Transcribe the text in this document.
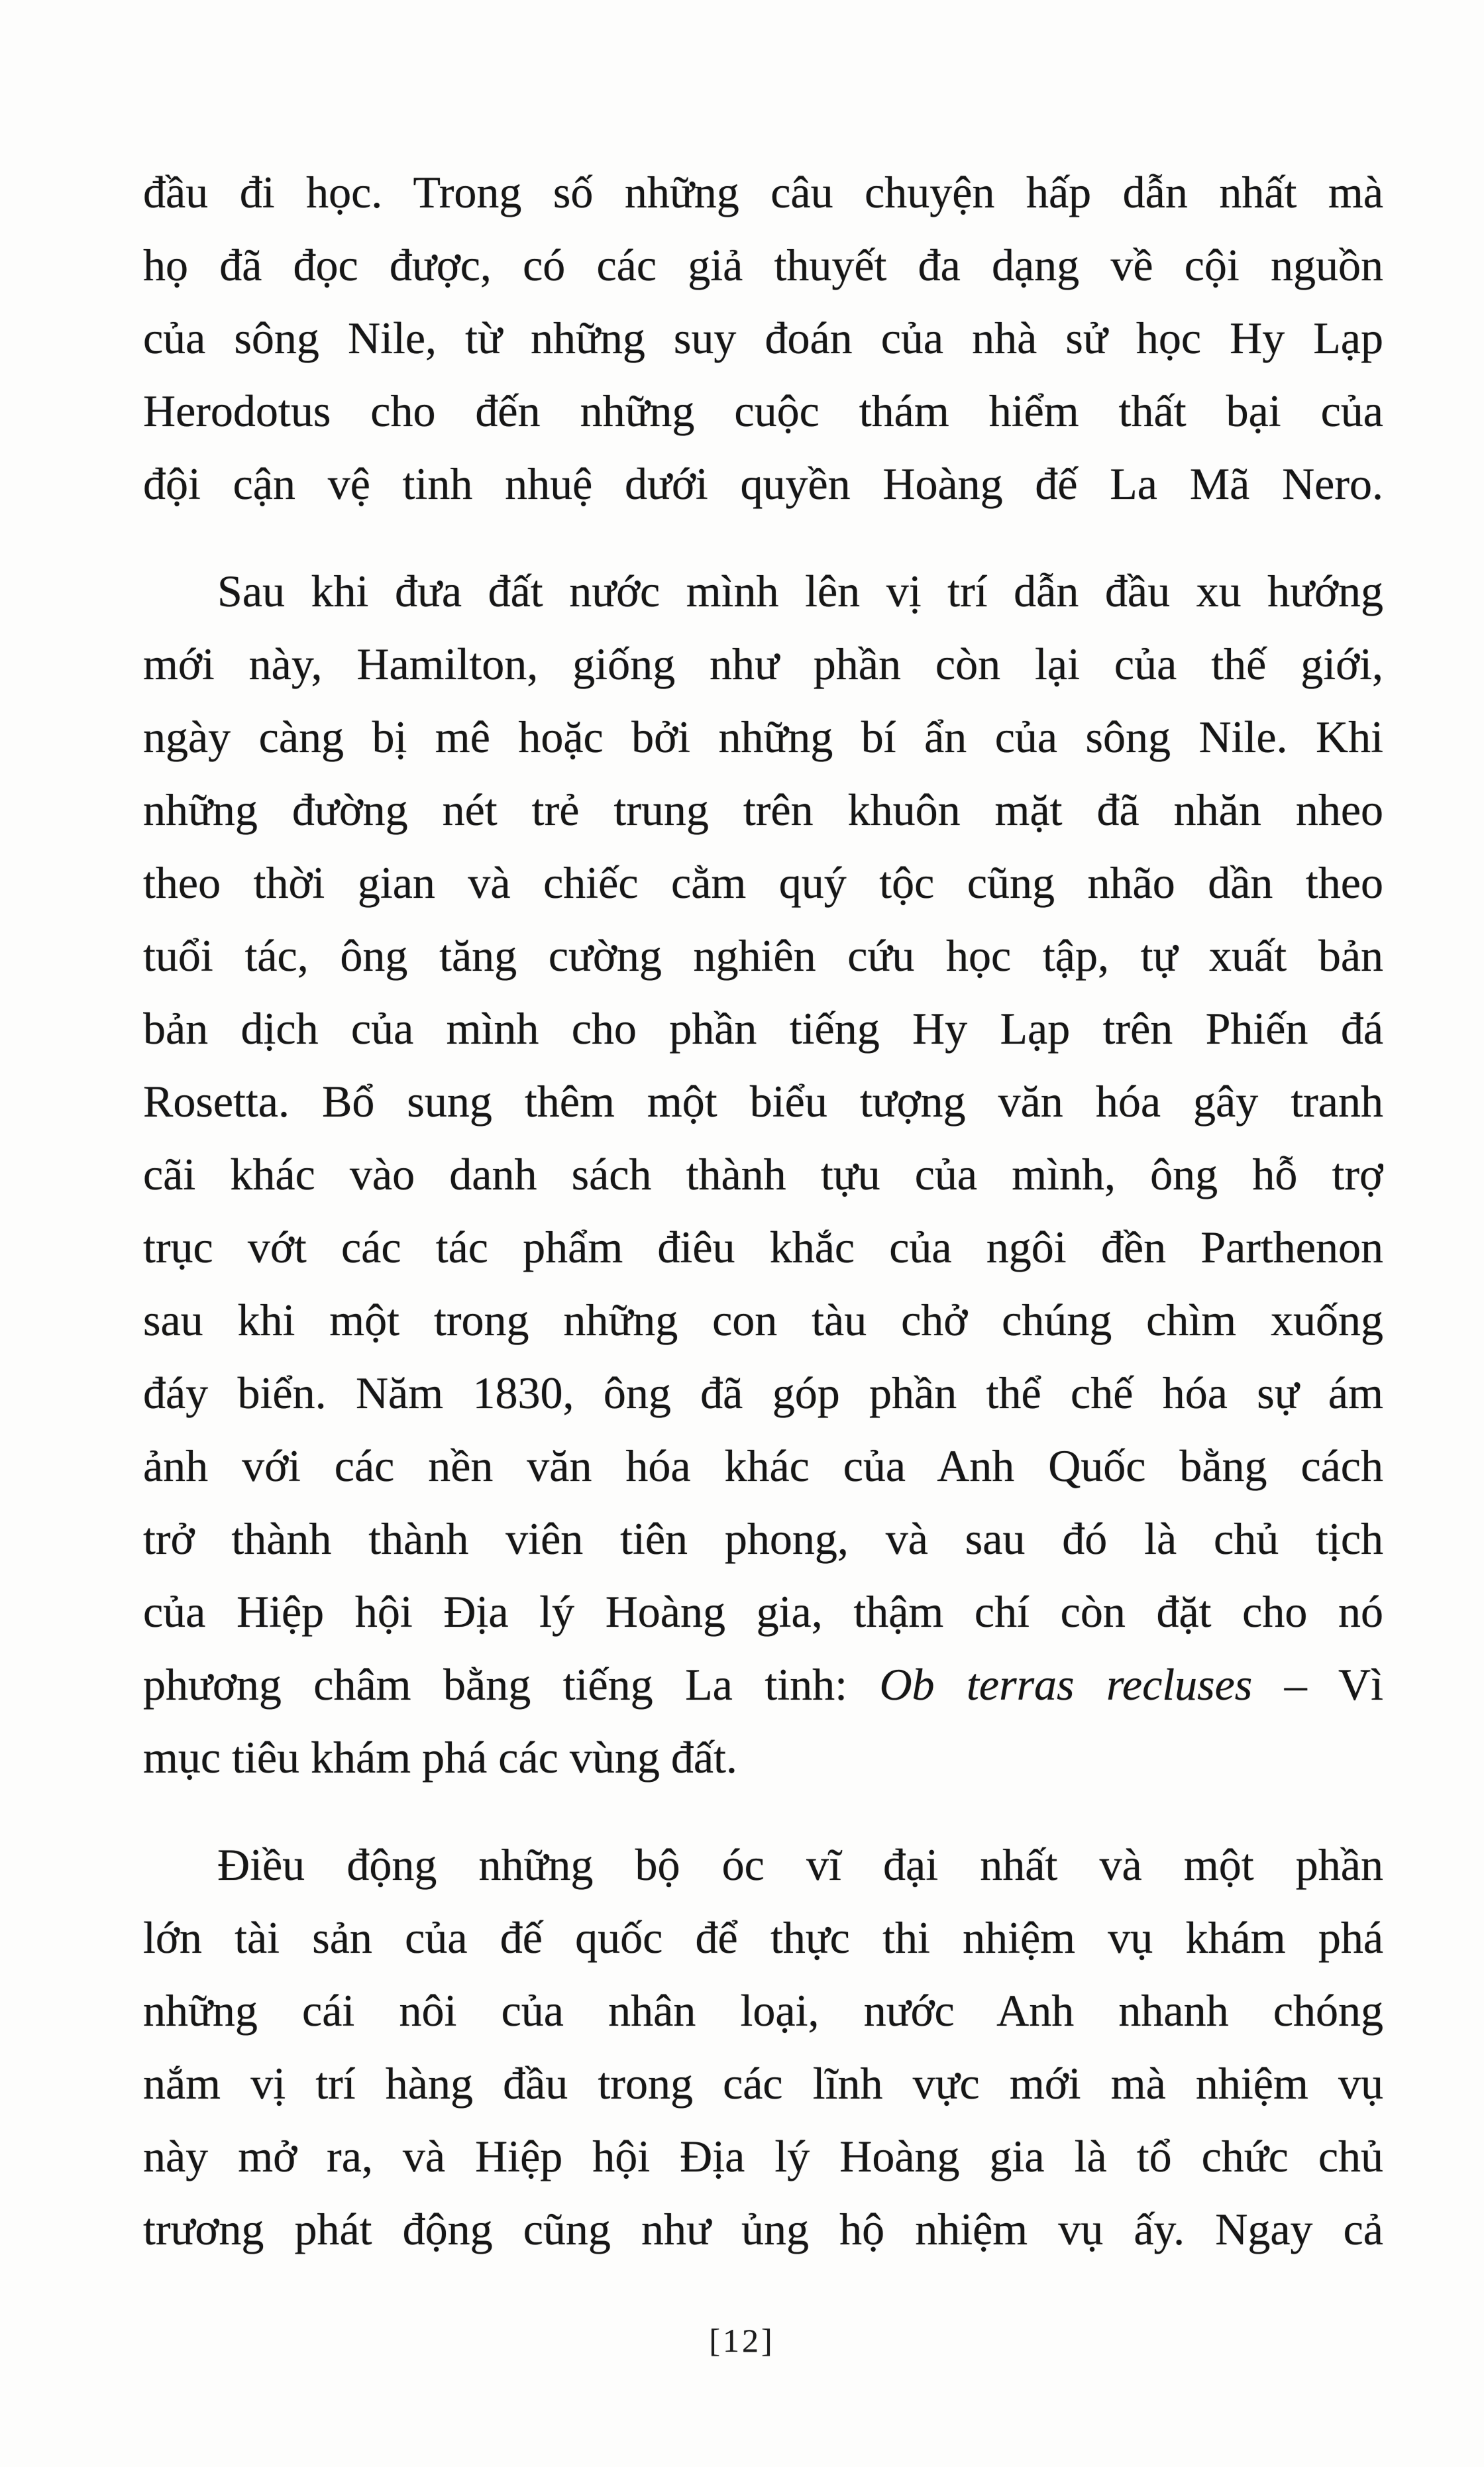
đầu đi học. Trong số những câu chuyện hấp dẫn nhất mà
họ đã đọc được, có các giả thuyết đa dạng về cội nguồn
của sông Nile, từ những suy đoán của nhà sử học Hy Lạp
Herodotus cho đến những cuộc thám hiểm thất bại của
đội cận vệ tinh nhuệ dưới quyền Hoàng đế La Mã Nero.
Sau khi đưa đất nước mình lên vị trí dẫn đầu xu hướng
mới này, Hamilton, giống như phần còn lại của thế giới,
ngày càng bị mê hoặc bởi những bí ẩn của sông Nile. Khi
những đường nét trẻ trung trên khuôn mặt đã nhăn nheo
theo thời gian và chiếc cằm quý tộc cũng nhão dần theo
tuổi tác, ông tăng cường nghiên cứu học tập, tự xuất bản
bản dịch của mình cho phần tiếng Hy Lạp trên Phiến đá
Rosetta. Bổ sung thêm một biểu tượng văn hóa gây tranh
cãi khác vào danh sách thành tựu của mình, ông hỗ trợ
trục vớt các tác phẩm điêu khắc của ngôi đền Parthenon
sau khi một trong những con tàu chở chúng chìm xuống
đáy biển. Năm 1830, ông đã góp phần thể chế hóa sự ám
ảnh với các nền văn hóa khác của Anh Quốc bằng cách
trở thành thành viên tiên phong, và sau đó là chủ tịch
của Hiệp hội Địa lý Hoàng gia, thậm chí còn đặt cho nó
phương châm bằng tiếng La tinh: Ob terras recluses – Vì
mục tiêu khám phá các vùng đất.
Điều động những bộ óc vĩ đại nhất và một phần
lớn tài sản của đế quốc để thực thi nhiệm vụ khám phá
những cái nôi của nhân loại, nước Anh nhanh chóng
nắm vị trí hàng đầu trong các lĩnh vực mới mà nhiệm vụ
này mở ra, và Hiệp hội Địa lý Hoàng gia là tổ chức chủ
trương phát động cũng như ủng hộ nhiệm vụ ấy. Ngay cả
[12]
